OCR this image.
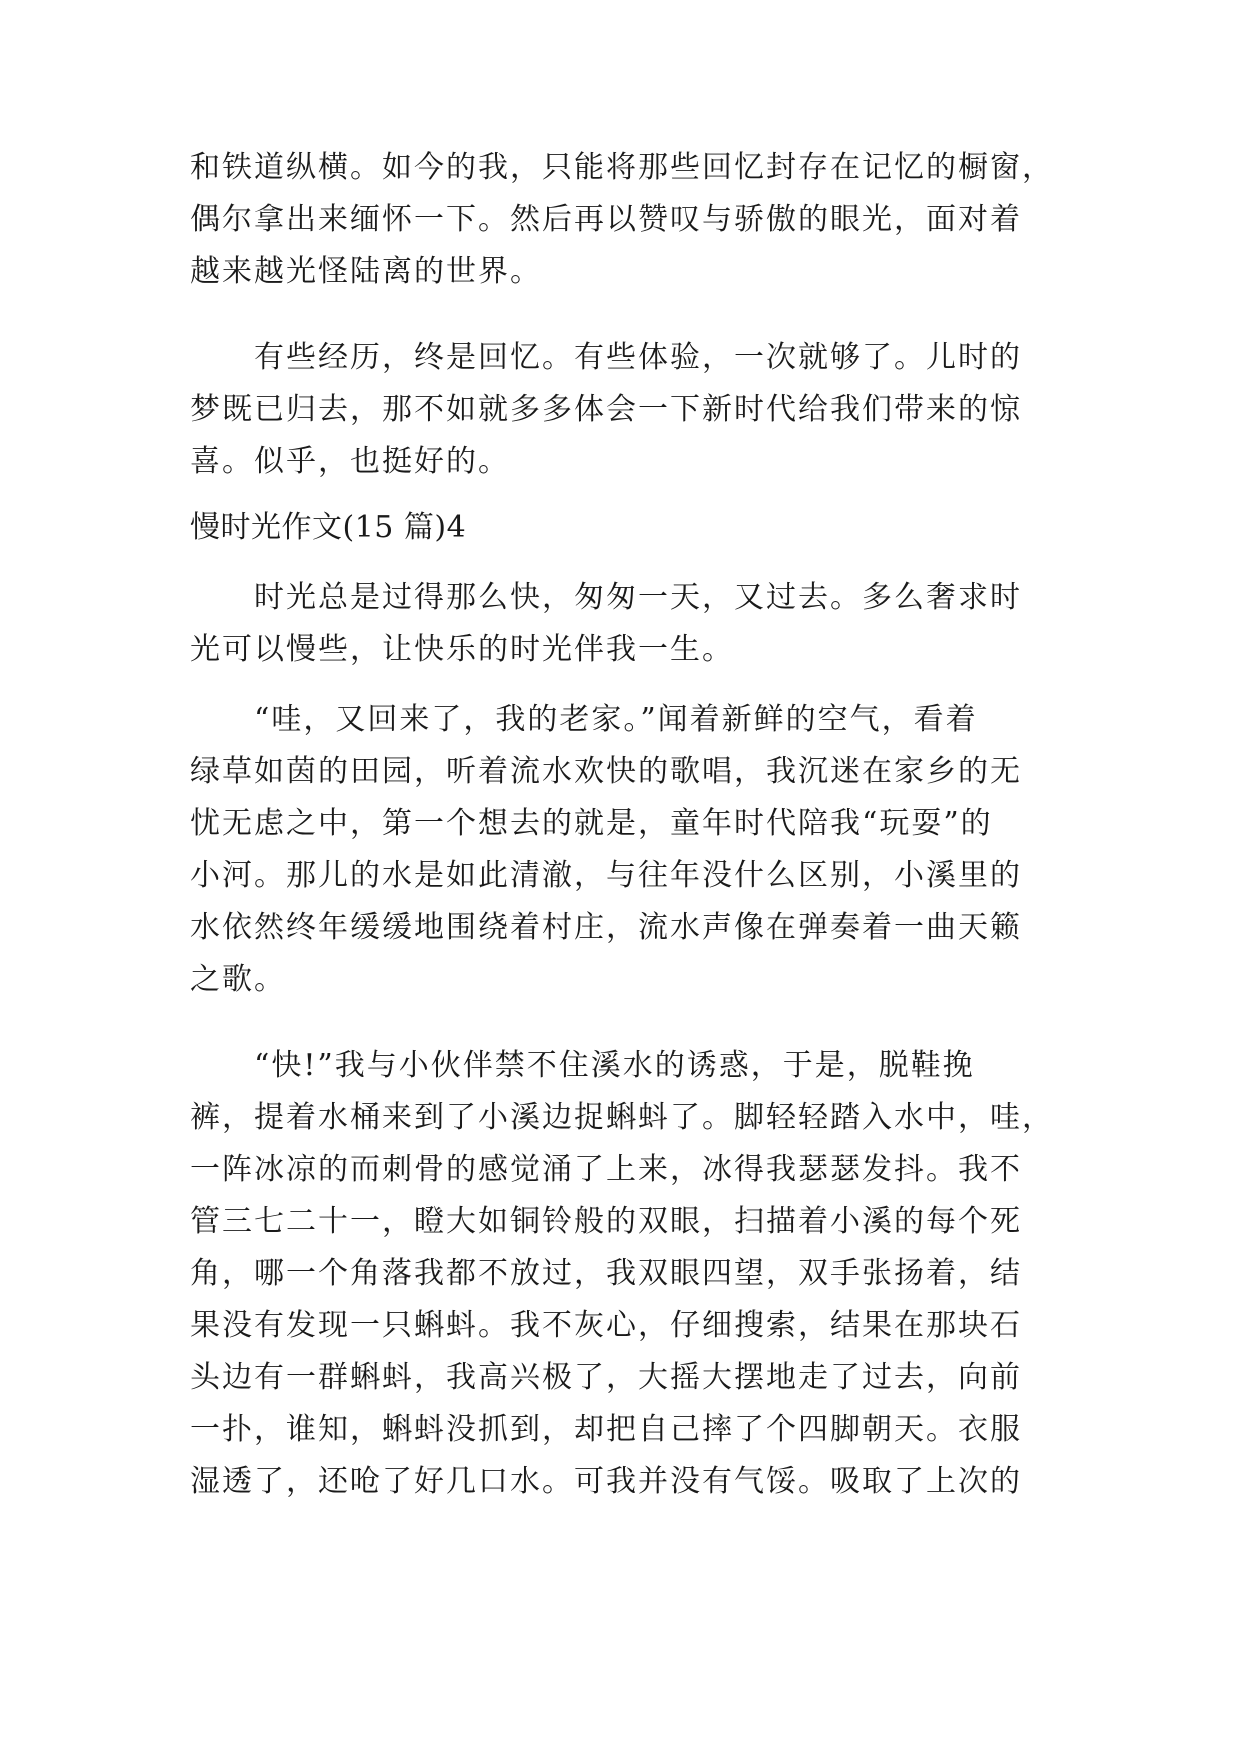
和铁道纵横。如今的我，只能将那些回忆封存在记忆的橱窗，
偶尔拿出来缅怀一下。然后再以赞叹与骄傲的眼光，面对着
越来越光怪陆离的世界。
有些经历，终是回忆。有些体验，一次就够了。儿时的
梦既已归去，那不如就多多体会一下新时代给我们带来的惊
喜。似乎，也挺好的。
慢时光作文(15 篇)4
时光总是过得那么快，匆匆一天，又过去。多么奢求时
光可以慢些，让快乐的时光伴我一生。
“哇，又回来了，我的老家。”闻着新鲜的空气，看着
绿草如茵的田园，听着流水欢快的歌唱，我沉迷在家乡的无
忧无虑之中，第一个想去的就是，童年时代陪我“玩耍”的
小河。那儿的水是如此清澈，与往年没什么区别，小溪里的
水依然终年缓缓地围绕着村庄，流水声像在弹奏着一曲天籁
之歌。
“快!”我与小伙伴禁不住溪水的诱惑，于是，脱鞋挽
裤，提着水桶来到了小溪边捉蝌蚪了。脚轻轻踏入水中，哇，
一阵冰凉的而刺骨的感觉涌了上来，冰得我瑟瑟发抖。我不
管三七二十一，瞪大如铜铃般的双眼，扫描着小溪的每个死
角，哪一个角落我都不放过，我双眼四望，双手张扬着，结
果没有发现一只蝌蚪。我不灰心，仔细搜索，结果在那块石
头边有一群蝌蚪，我高兴极了，大摇大摆地走了过去，向前
一扑，谁知，蝌蚪没抓到，却把自己摔了个四脚朝天。衣服
湿透了，还呛了好几口水。可我并没有气馁。吸取了上次的
